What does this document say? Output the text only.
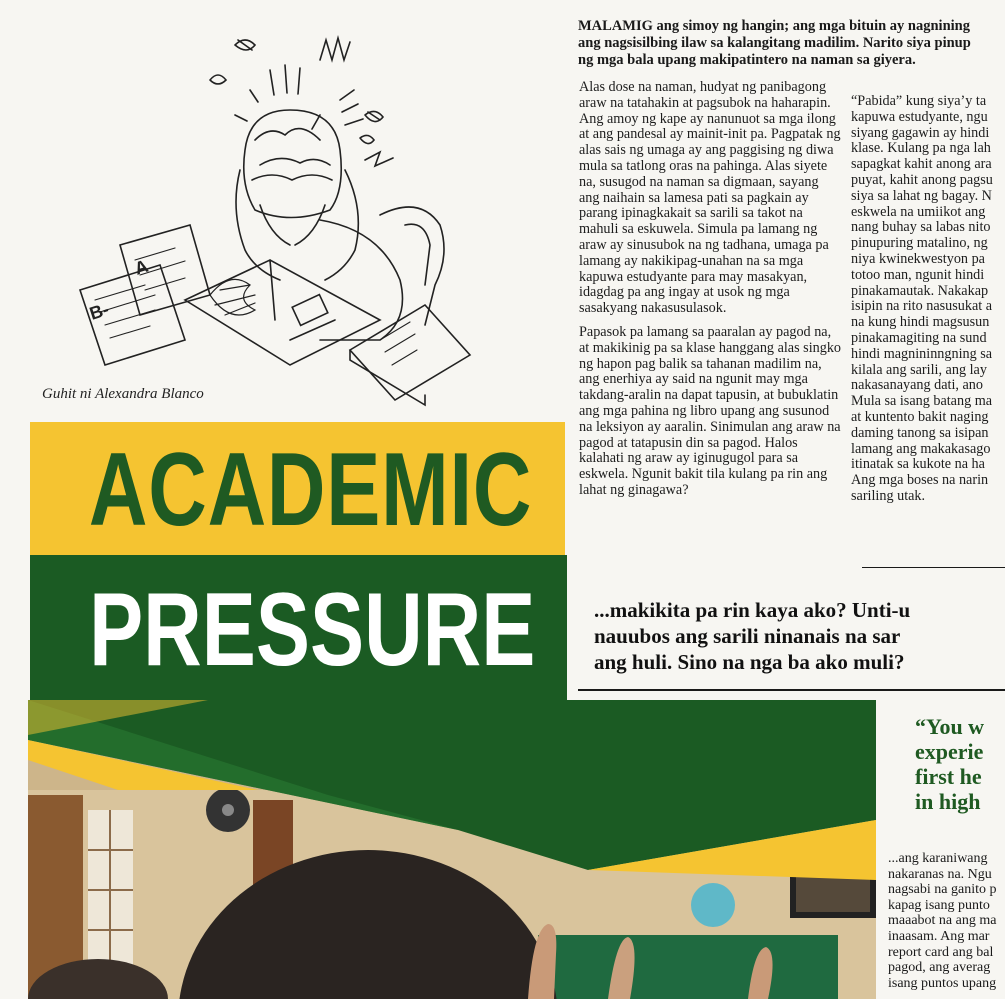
B-
A
Guhit ni Alexandra Blanco
ACADEMIC
PRESSURE
MALAMIG ang simoy ng hangin; ang mga bituin ay nagnining
ang nagsisilbing ilaw sa kalangitang madilim. Narito siya pinup
ng mga bala upang makipatintero na naman sa giyera.

Alas dose na naman, hudyat ng panibagong araw na tatahakin at pagsubok na haharapin. Ang amoy ng kape ay nanunuot sa mga ilong at ang pandesal ay mainit-init pa. Pagpatak ng alas sais ng umaga ay ang paggising ng diwa mula sa tatlong oras na pahinga. Alas siyete na, susugod na naman sa digmaan, sayang ang naihain sa lamesa pati sa pagkain ay parang ipinagkakait sa sarili sa takot na mahuli sa eskuwela. Simula pa lamang ng araw ay sinusubok na ng tadhana, umaga pa lamang ay nakikipag-unahan na sa mga kapuwa estudyante para may masakyan, idagdag pa ang ingay at usok ng mga sasakyang nakasusulasok.

Papasok pa lamang sa paaralan ay pagod na, at makikinig pa sa klase hanggang alas singko ng hapon pag balik sa tahanan madilim na, ang enerhiya ay said na ngunit may mga takdang-aralin na dapat tapusin, at bubuklatin ang mga pahina ng libro upang ang susunod na leksiyon ay aaralin. Sinimulan ang araw na pagod at tatapusin din sa pagod. Halos kalahati ng araw ay iginugugol para sa eskwela. Ngunit bakit tila kulang pa rin ang lahat ng ginagawa?

“Pabida” kung siya’y ta
kapuwa estudyante, ngu
siyang gagawin ay hindi
klase. Kulang pa nga lah
sapagkat kahit anong ara
puyat, kahit anong pagsu
siya sa lahat ng bagay. N
eskwela na umiikot ang
nang buhay sa labas nito
pinupuring matalino, ng
niya kwinekwestyon pa
totoo man, ngunit hindi
pinakamautak. Nakakap
isipin na rito nasusukat a
na kung hindi magsusun
pinakamagiting na sund
hindi magnininngning sa
kilala ang sarili, ang lay
nakasanayang dati, ano
Mula sa isang batang ma
at kuntento bakit naging
daming tanong sa isipan
lamang ang makakasago
itinatak sa kukote na ha
Ang mga boses na narin
sariling utak.
...makikita pa rin kaya ako? Unti-u
nauubos ang sarili ninanais na sar
ang huli. Sino na nga ba ako muli?
“You w
experie
first he
in high
...ang karaniwang
nakaranas na. Ngu
nagsabi na ganito p
kapag isang punto
maaabot na ang ma
inaasam. Ang mar
report card ang bal
pagod, ang averag
isang puntos upang
